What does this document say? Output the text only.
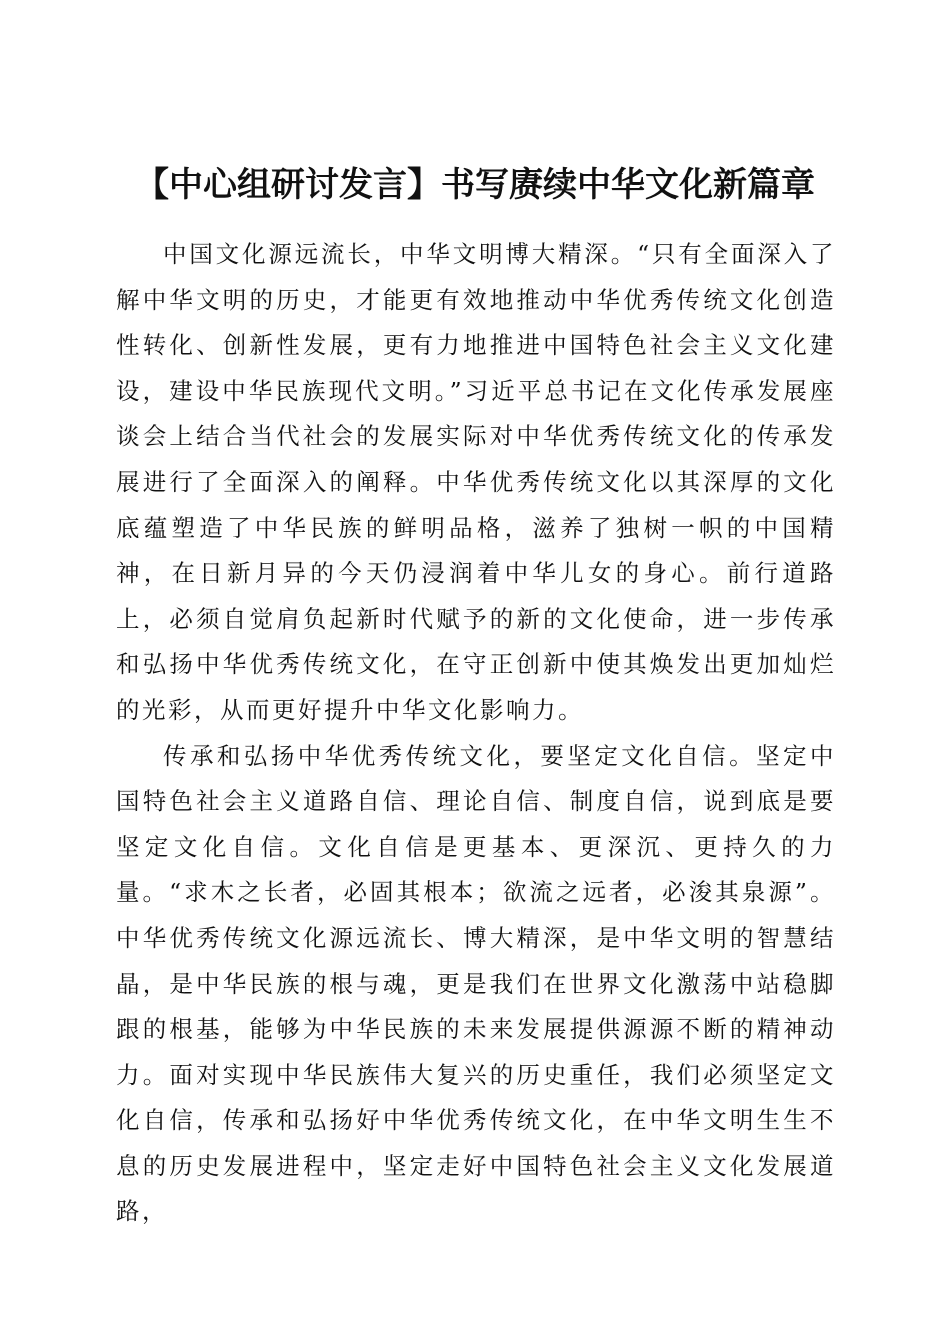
【中心组研讨发言】书写赓续中华文化新篇章

中国文化源远流长，中华文明博大精深。“只有全面深入了解中华文明的历史，才能更有效地推动中华优秀传统文化创造性转化、创新性发展，更有力地推进中国特色社会主义文化建设，建设中华民族现代文明。”习近平总书记在文化传承发展座谈会上结合当代社会的发展实际对中华优秀传统文化的传承发展进行了全面深入的阐释。中华优秀传统文化以其深厚的文化底蕴塑造了中华民族的鲜明品格，滋养了独树一帜的中国精神，在日新月异的今天仍浸润着中华儿女的身心。前行道路上，必须自觉肩负起新时代赋予的新的文化使命，进一步传承和弘扬中华优秀传统文化，在守正创新中使其焕发出更加灿烂的光彩，从而更好提升中华文化影响力。

传承和弘扬中华优秀传统文化，要坚定文化自信。坚定中国特色社会主义道路自信、理论自信、制度自信，说到底是要坚定文化自信。文化自信是更基本、更深沉、更持久的力量。“求木之长者，必固其根本；欲流之远者，必浚其泉源”。中华优秀传统文化源远流长、博大精深，是中华文明的智慧结晶，是中华民族的根与魂，更是我们在世界文化激荡中站稳脚跟的根基，能够为中华民族的未来发展提供源源不断的精神动力。面对实现中华民族伟大复兴的历史重任，我们必须坚定文化自信，传承和弘扬好中华优秀传统文化，在中华文明生生不息的历史发展进程中，坚定走好中国特色社会主义文化发展道路，
